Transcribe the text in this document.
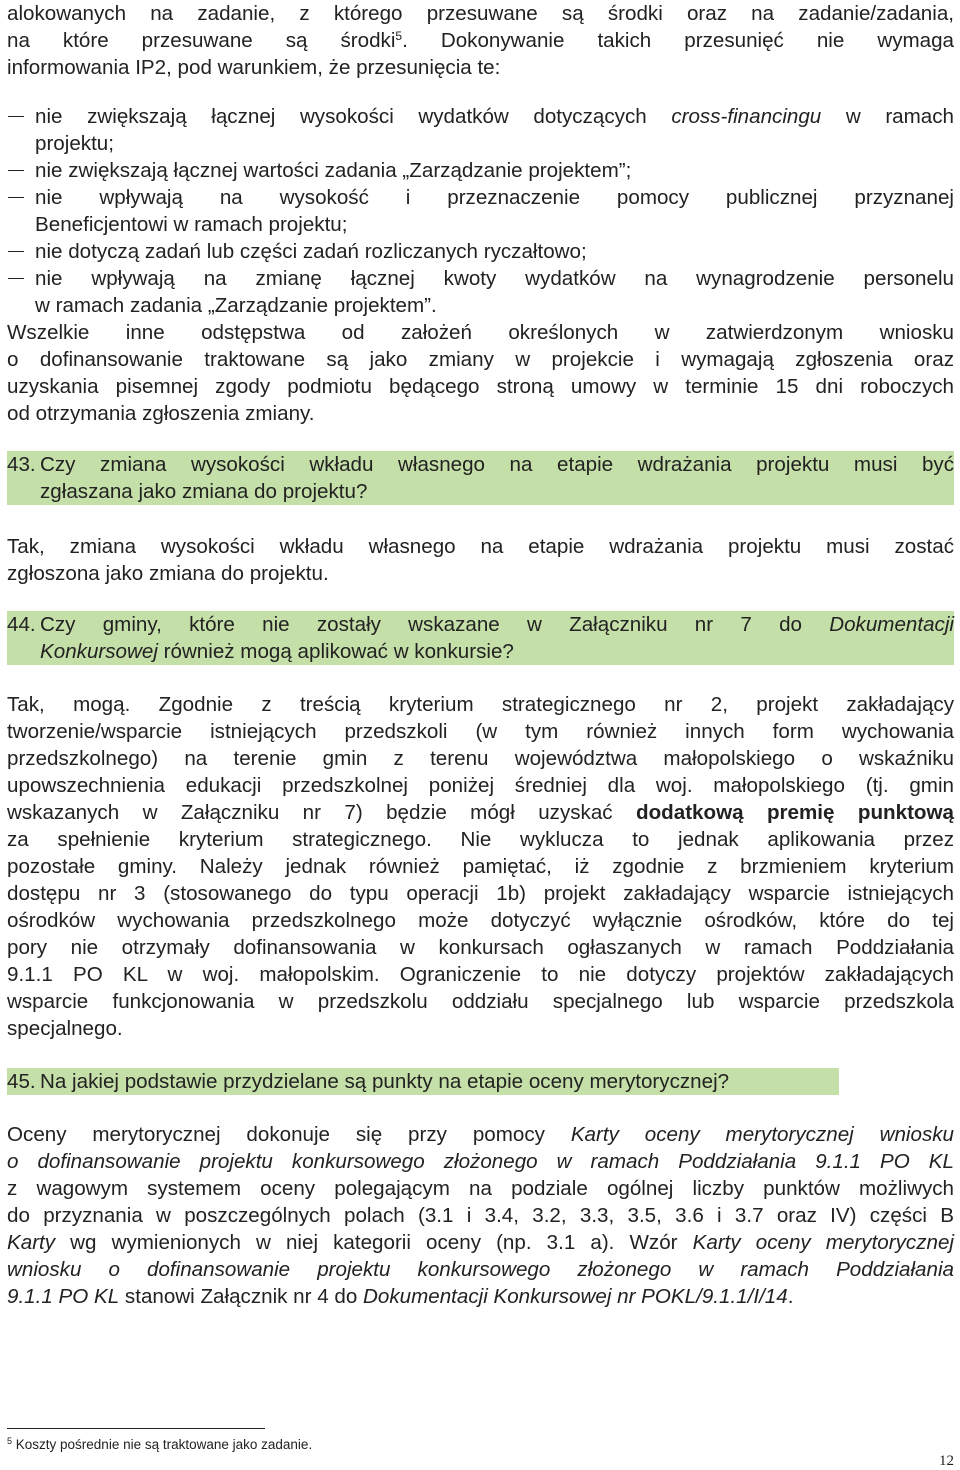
alokowanych na zadanie, z którego przesuwane są środki oraz na zadanie/zadania,
na które przesuwane są środki$^5$. Dokonywanie takich przesunięć nie wymaga
informowania IP2, pod warunkiem, że przesunięcia te:
nie zwiększają łącznej wysokości wydatków dotyczących cross-financingu w ramach
projektu;
nie zwiększają łącznej wartości zadania „Zarządzanie projektem”;
nie wpływają na wysokość i przeznaczenie pomocy publicznej przyznanej
Beneficjentowi w ramach projektu;
nie dotyczą zadań lub części zadań rozliczanych ryczałtowo;
nie wpływają na zmianę łącznej kwoty wydatków na wynagrodzenie personelu
w ramach zadania „Zarządzanie projektem”.
Wszelkie inne odstępstwa od założeń określonych w zatwierdzonym wniosku
o dofinansowanie traktowane są jako zmiany w projekcie i wymagają zgłoszenia oraz
uzyskania pisemnej zgody podmiotu będącego stroną umowy w terminie 15 dni roboczych
od otrzymania zgłoszenia zmiany.
43. Czy zmiana wysokości wkładu własnego na etapie wdrażania projektu musi być
zgłaszana jako zmiana do projektu?
Tak, zmiana wysokości wkładu własnego na etapie wdrażania projektu musi zostać
zgłoszona jako zmiana do projektu.
44. Czy gminy, które nie zostały wskazane w Załączniku nr 7 do Dokumentacji
Konkursowej również mogą aplikować w konkursie?
Tak, mogą. Zgodnie z treścią kryterium strategicznego nr 2, projekt zakładający
tworzenie/wsparcie istniejących przedszkoli (w tym również innych form wychowania
przedszkolnego) na terenie gmin z terenu województwa małopolskiego o wskaźniku
upowszechnienia edukacji przedszkolnej poniżej średniej dla woj. małopolskiego (tj. gmin
wskazanych w Załączniku nr 7) będzie mógł uzyskać dodatkową premię punktową
za spełnienie kryterium strategicznego. Nie wyklucza to jednak aplikowania przez
pozostałe gminy. Należy jednak również pamiętać, iż zgodnie z brzmieniem kryterium
dostępu nr 3 (stosowanego do typu operacji 1b) projekt zakładający wsparcie istniejących
ośrodków wychowania przedszkolnego może dotyczyć wyłącznie ośrodków, które do tej
pory nie otrzymały dofinansowania w konkursach ogłaszanych w ramach Poddziałania
9.1.1 PO KL w woj. małopolskim. Ograniczenie to nie dotyczy projektów zakładających
wsparcie funkcjonowania w przedszkolu oddziału specjalnego lub wsparcie przedszkola
specjalnego.
45. Na jakiej podstawie przydzielane są punkty na etapie oceny merytorycznej?
Oceny merytorycznej dokonuje się przy pomocy Karty oceny merytorycznej wniosku
o dofinansowanie projektu konkursowego złożonego w ramach Poddziałania 9.1.1 PO KL
z wagowym systemem oceny polegającym na podziale ogólnej liczby punktów możliwych
do przyznania w poszczególnych polach (3.1 i 3.4, 3.2, 3.3, 3.5, 3.6 i 3.7 oraz IV) części B
Karty wg wymienionych w niej kategorii oceny (np. 3.1 a). Wzór Karty oceny merytorycznej
wniosku o dofinansowanie projektu konkursowego złożonego w ramach Poddziałania
9.1.1 PO KL stanowi Załącznik nr 4 do Dokumentacji Konkursowej nr POKL/9.1.1/I/14.
$^5$ Koszty pośrednie nie są traktowane jako zadanie.
12
